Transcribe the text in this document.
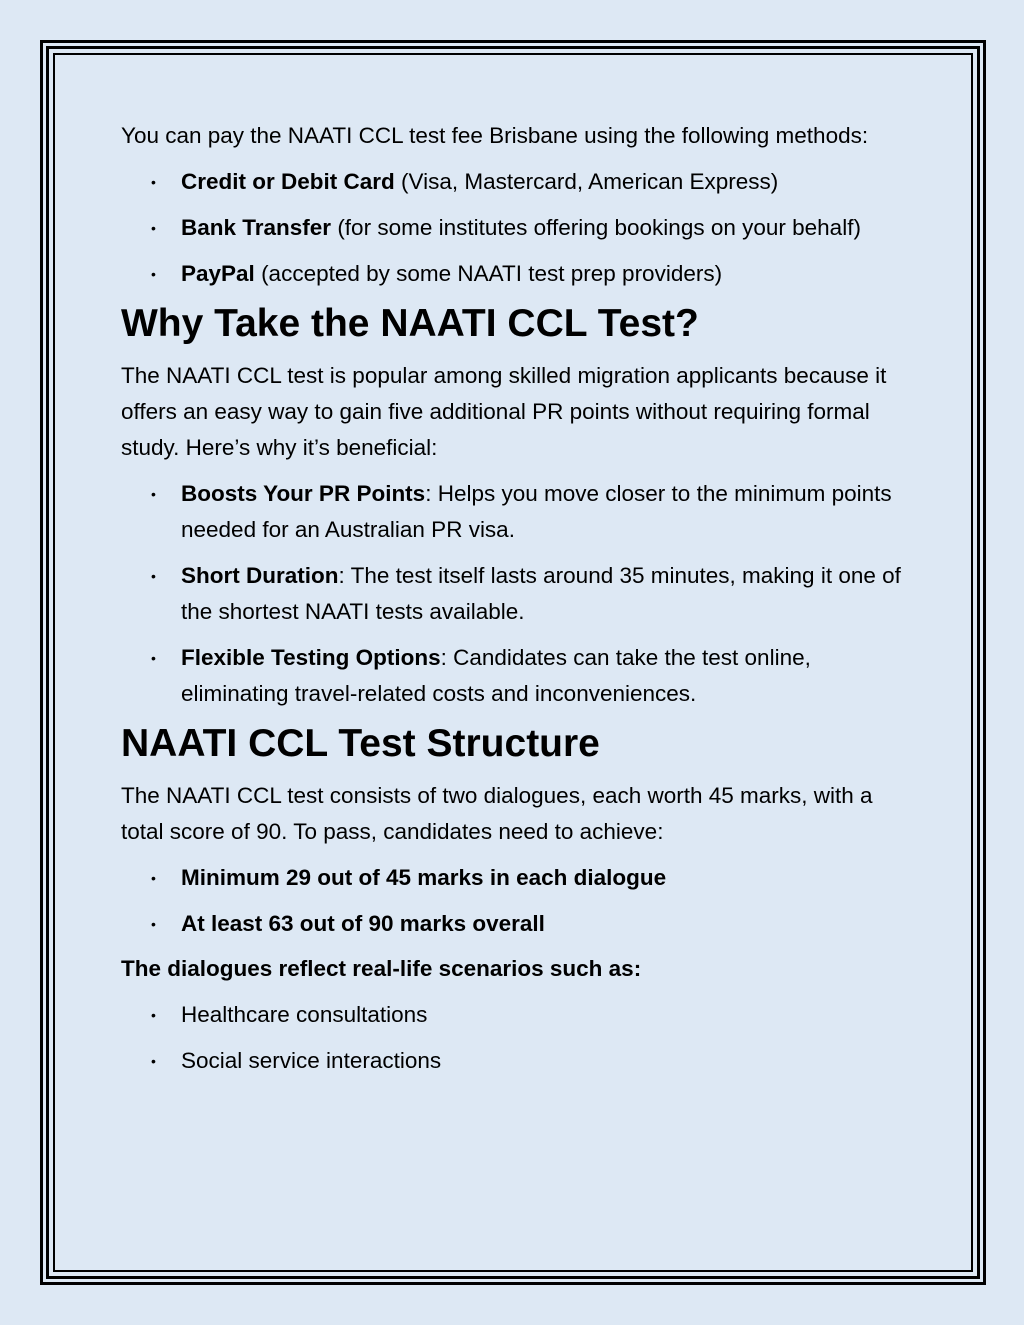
You can pay the NAATI CCL test fee Brisbane using the following methods:

• Credit or Debit Card (Visa, Mastercard, American Express)
• Bank Transfer (for some institutes offering bookings on your behalf)
• PayPal (accepted by some NAATI test prep providers)
Why Take the NAATI CCL Test?

The NAATI CCL test is popular among skilled migration applicants because it offers an easy way to gain five additional PR points without requiring formal study. Here’s why it’s beneficial:

• Boosts Your PR Points: Helps you move closer to the minimum points needed for an Australian PR visa.
• Short Duration: The test itself lasts around 35 minutes, making it one of the shortest NAATI tests available.
• Flexible Testing Options: Candidates can take the test online, eliminating travel-related costs and inconveniences.
NAATI CCL Test Structure

The NAATI CCL test consists of two dialogues, each worth 45 marks, with a total score of 90. To pass, candidates need to achieve:

• Minimum 29 out of 45 marks in each dialogue
• At least 63 out of 90 marks overall

The dialogues reflect real-life scenarios such as:

• Healthcare consultations
• Social service interactions
